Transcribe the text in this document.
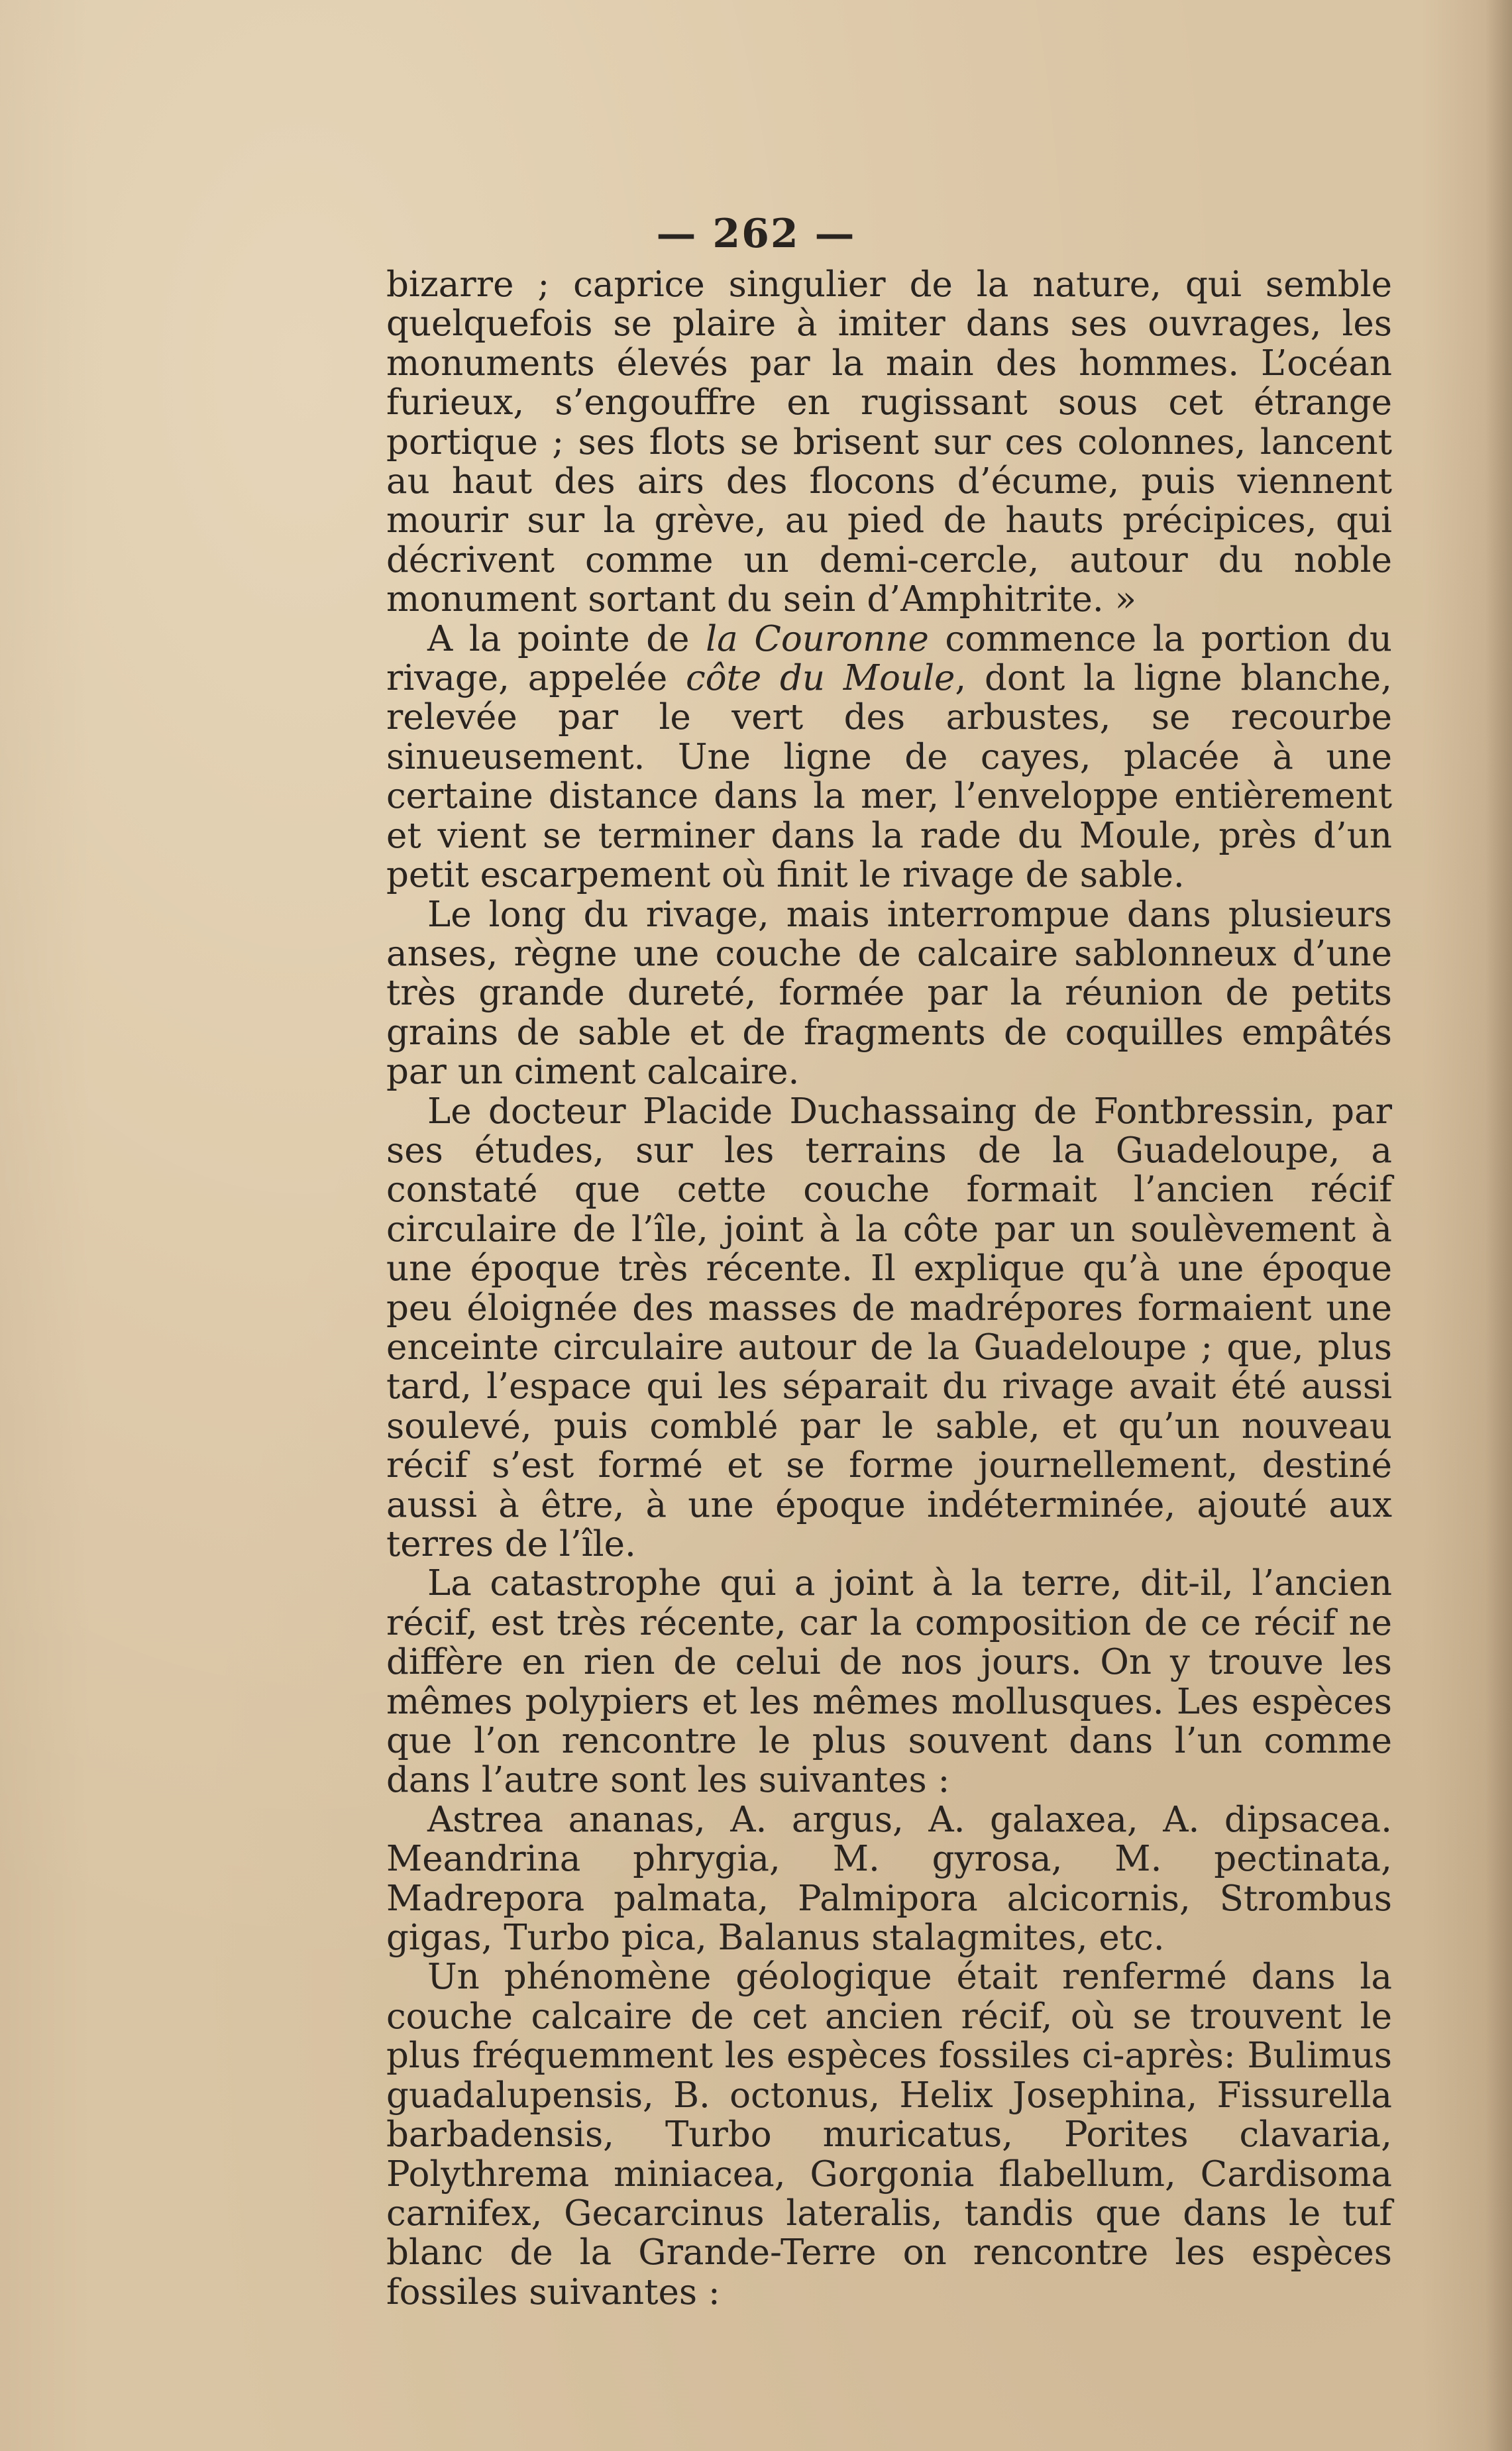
— 262 —

bizarre ; caprice singulier de la nature, qui semble quelquefois se plaire à imiter dans ses ouvrages, les monuments élevés par la main des hommes. L’océan furieux, s’engouffre en rugissant sous cet étrange portique ; ses flots se brisent sur ces colonnes, lancent au haut des airs des flocons d’écume, puis viennent mourir sur la grève, au pied de hauts précipices, qui décrivent comme un demi-cercle, autour du noble monument sortant du sein d’Amphitrite. »

A la pointe de la Couronne commence la portion du rivage, appelée côte du Moule, dont la ligne blanche, relevée par le vert des arbustes, se recourbe sinueusement. Une ligne de cayes, placée à une certaine distance dans la mer, l’enveloppe entièrement et vient se terminer dans la rade du Moule, près d’un petit escarpement où finit le rivage de sable.

Le long du rivage, mais interrompue dans plusieurs anses, règne une couche de calcaire sablonneux d’une très grande dureté, formée par la réunion de petits grains de sable et de fragments de coquilles empâtés par un ciment calcaire.

Le docteur Placide Duchassaing de Fontbressin, par ses études, sur les terrains de la Guadeloupe, a constaté que cette couche formait l’ancien récif circulaire de l’île, joint à la côte par un soulèvement à une époque très récente. Il explique qu’à une époque peu éloignée des masses de madrépores formaient une enceinte circulaire autour de la Guadeloupe ; que, plus tard, l’espace qui les séparait du rivage avait été aussi soulevé, puis comblé par le sable, et qu’un nouveau récif s’est formé et se forme journellement, destiné aussi à être, à une époque indéterminée, ajouté aux terres de l’île.

La catastrophe qui a joint à la terre, dit-il, l’ancien récif, est très récente, car la composition de ce récif ne diffère en rien de celui de nos jours. On y trouve les mêmes polypiers et les mêmes mollusques. Les espèces que l’on rencontre le plus souvent dans l’un comme dans l’autre sont les suivantes :

Astrea ananas, A. argus, A. galaxea, A. dipsacea. Meandrina phrygia, M. gyrosa, M. pectinata, Madrepora palmata, Palmipora alcicornis, Strombus gigas, Turbo pica, Balanus stalagmites, etc.

Un phénomène géologique était renfermé dans la couche calcaire de cet ancien récif, où se trouvent le plus fréquemment les espèces fossiles ci-après: Bulimus guadalupensis, B. octonus, Helix Josephina, Fissurella barbadensis, Turbo muricatus, Porites clavaria, Polythrema miniacea, Gorgonia flabellum, Cardisoma carnifex, Gecarcinus lateralis, tandis que dans le tuf blanc de la Grande-Terre on rencontre les espèces fossiles suivantes :
